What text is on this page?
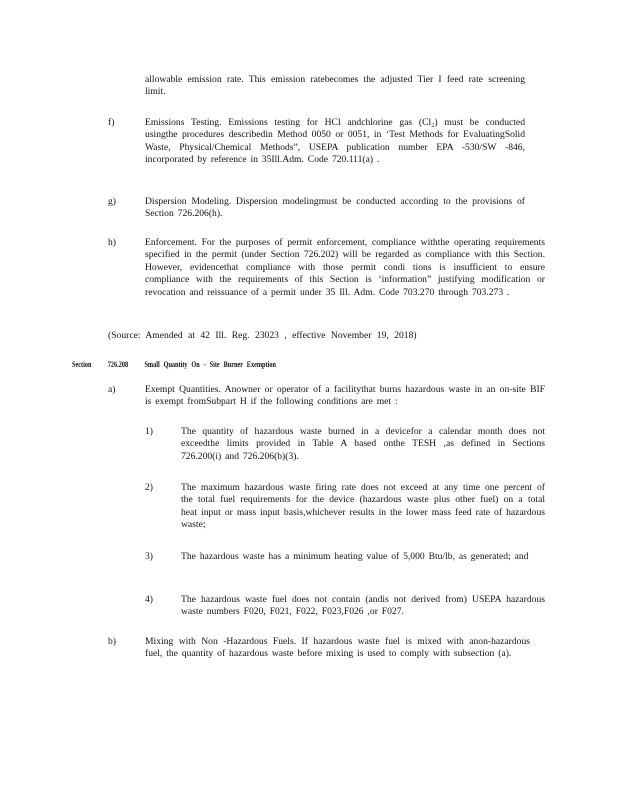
allowable emission rate. This emission ratebecomes the adjusted Tier I feed rate screening limit.
f)	Emissions Testing. Emissions testing for HCl andchlorine gas (Cl₂) must be conducted usingthe procedures describedin Method 0050 or 0051, in ‘Test Methods for EvaluatingSolid Waste, Physical/Chemical Methods”, USEPA publication number EPA -530/SW -846, incorporated by reference in 35Ill.Adm. Code 720.111(a) .
g)	Dispersion Modeling. Dispersion modelingmust be conducted according to the provisions of Section 726.206(h).
h)	Enforcement. For the purposes of permit enforcement, compliance withthe operating requirements specified in the permit (under Section 726.202) will be regarded as compliance with this Section. However, evidencethat compliance with those permit condi tions is insufficient to ensure compliance with the requirements of this Section is ‘information” justifying modification or revocation and reissuance of a permit under 35 Ill. Adm. Code 703.270 through 703.273 .
(Source: Amended at 42 Ill. Reg. 23023 , effective November 19, 2018)
Section 726.208 Small Quantity On - Site Burner Exemption
a)	Exempt Quantities. Anowner or operator of a facilitythat burns hazardous waste in an on-site BIF is exempt fromSubpart H if the following conditions are met :
1)	The quantity of hazardous waste burned in a devicefor a calendar month does not exceedthe limits provided in Table A based onthe TESH ,as defined in Sections 726.200(i) and 726.206(b)(3).
2)	The maximum hazardous waste firing rate does not exceed at any time one percent of the total fuel requirements for the device (hazardous waste plus other fuel) on a total heat input or mass input basis,whichever results in the lower mass feed rate of hazardous waste;
3)	The hazardous waste has a minimum heating value of 5,000 Btu/lb, as generated; and
4)	The hazardous waste fuel does not contain (andis not derived from) USEPA hazardous waste numbers F020, F021, F022, F023,F026 ,or F027.
b)	Mixing with Non -Hazardous Fuels. If hazardous waste fuel is mixed with anon-hazardous fuel, the quantity of hazardous waste before mixing is used to comply with subsection (a).
